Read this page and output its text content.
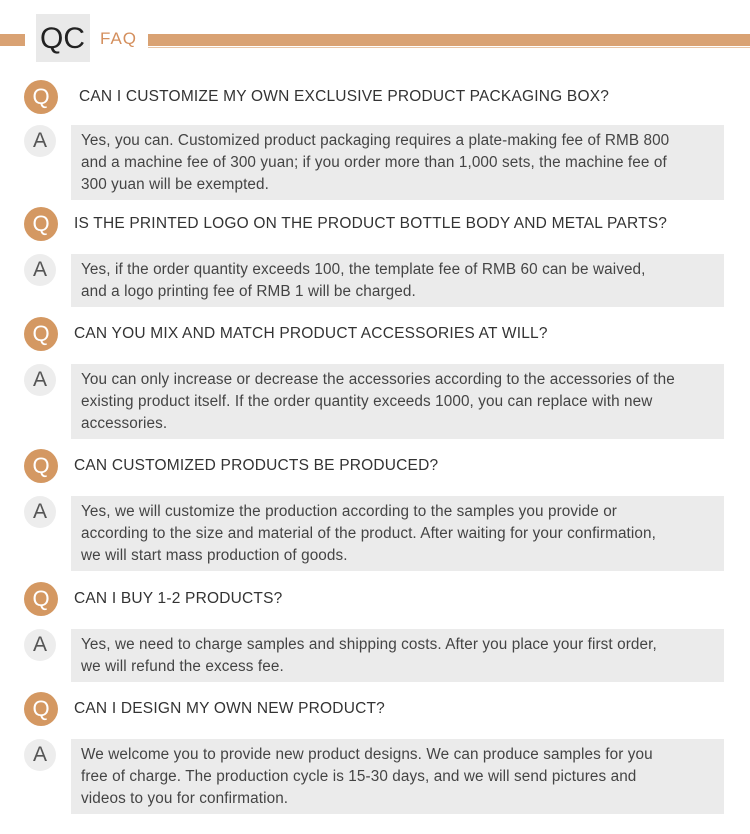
QC FAQ
Q	CAN I CUSTOMIZE MY OWN EXCLUSIVE PRODUCT PACKAGING BOX?
A	Yes, you can. Customized product packaging requires a plate-making fee of RMB 800
and a machine fee of 300 yuan; if you order more than 1,000 sets, the machine fee of
300 yuan will be exempted.
Q	IS THE PRINTED LOGO ON THE PRODUCT BOTTLE BODY AND METAL PARTS?
A	Yes, if the order quantity exceeds 100, the template fee of RMB 60 can be waived,
and a logo printing fee of RMB 1 will be charged.
Q	CAN YOU MIX AND MATCH PRODUCT ACCESSORIES AT WILL?
A	You can only increase or decrease the accessories according to the accessories of the
existing product itself. If the order quantity exceeds 1000, you can replace with new
accessories.
Q	CAN CUSTOMIZED PRODUCTS BE PRODUCED?
A	Yes, we will customize the production according to the samples you provide or
according to the size and material of the product. After waiting for your confirmation,
we will start mass production of goods.
Q	CAN I BUY 1-2 PRODUCTS?
A	Yes, we need to charge samples and shipping costs. After you place your first order,
we will refund the excess fee.
Q	CAN I DESIGN MY OWN NEW PRODUCT?
A	We welcome you to provide new product designs. We can produce samples for you
free of charge. The production cycle is 15-30 days, and we will send pictures and
videos to you for confirmation.
